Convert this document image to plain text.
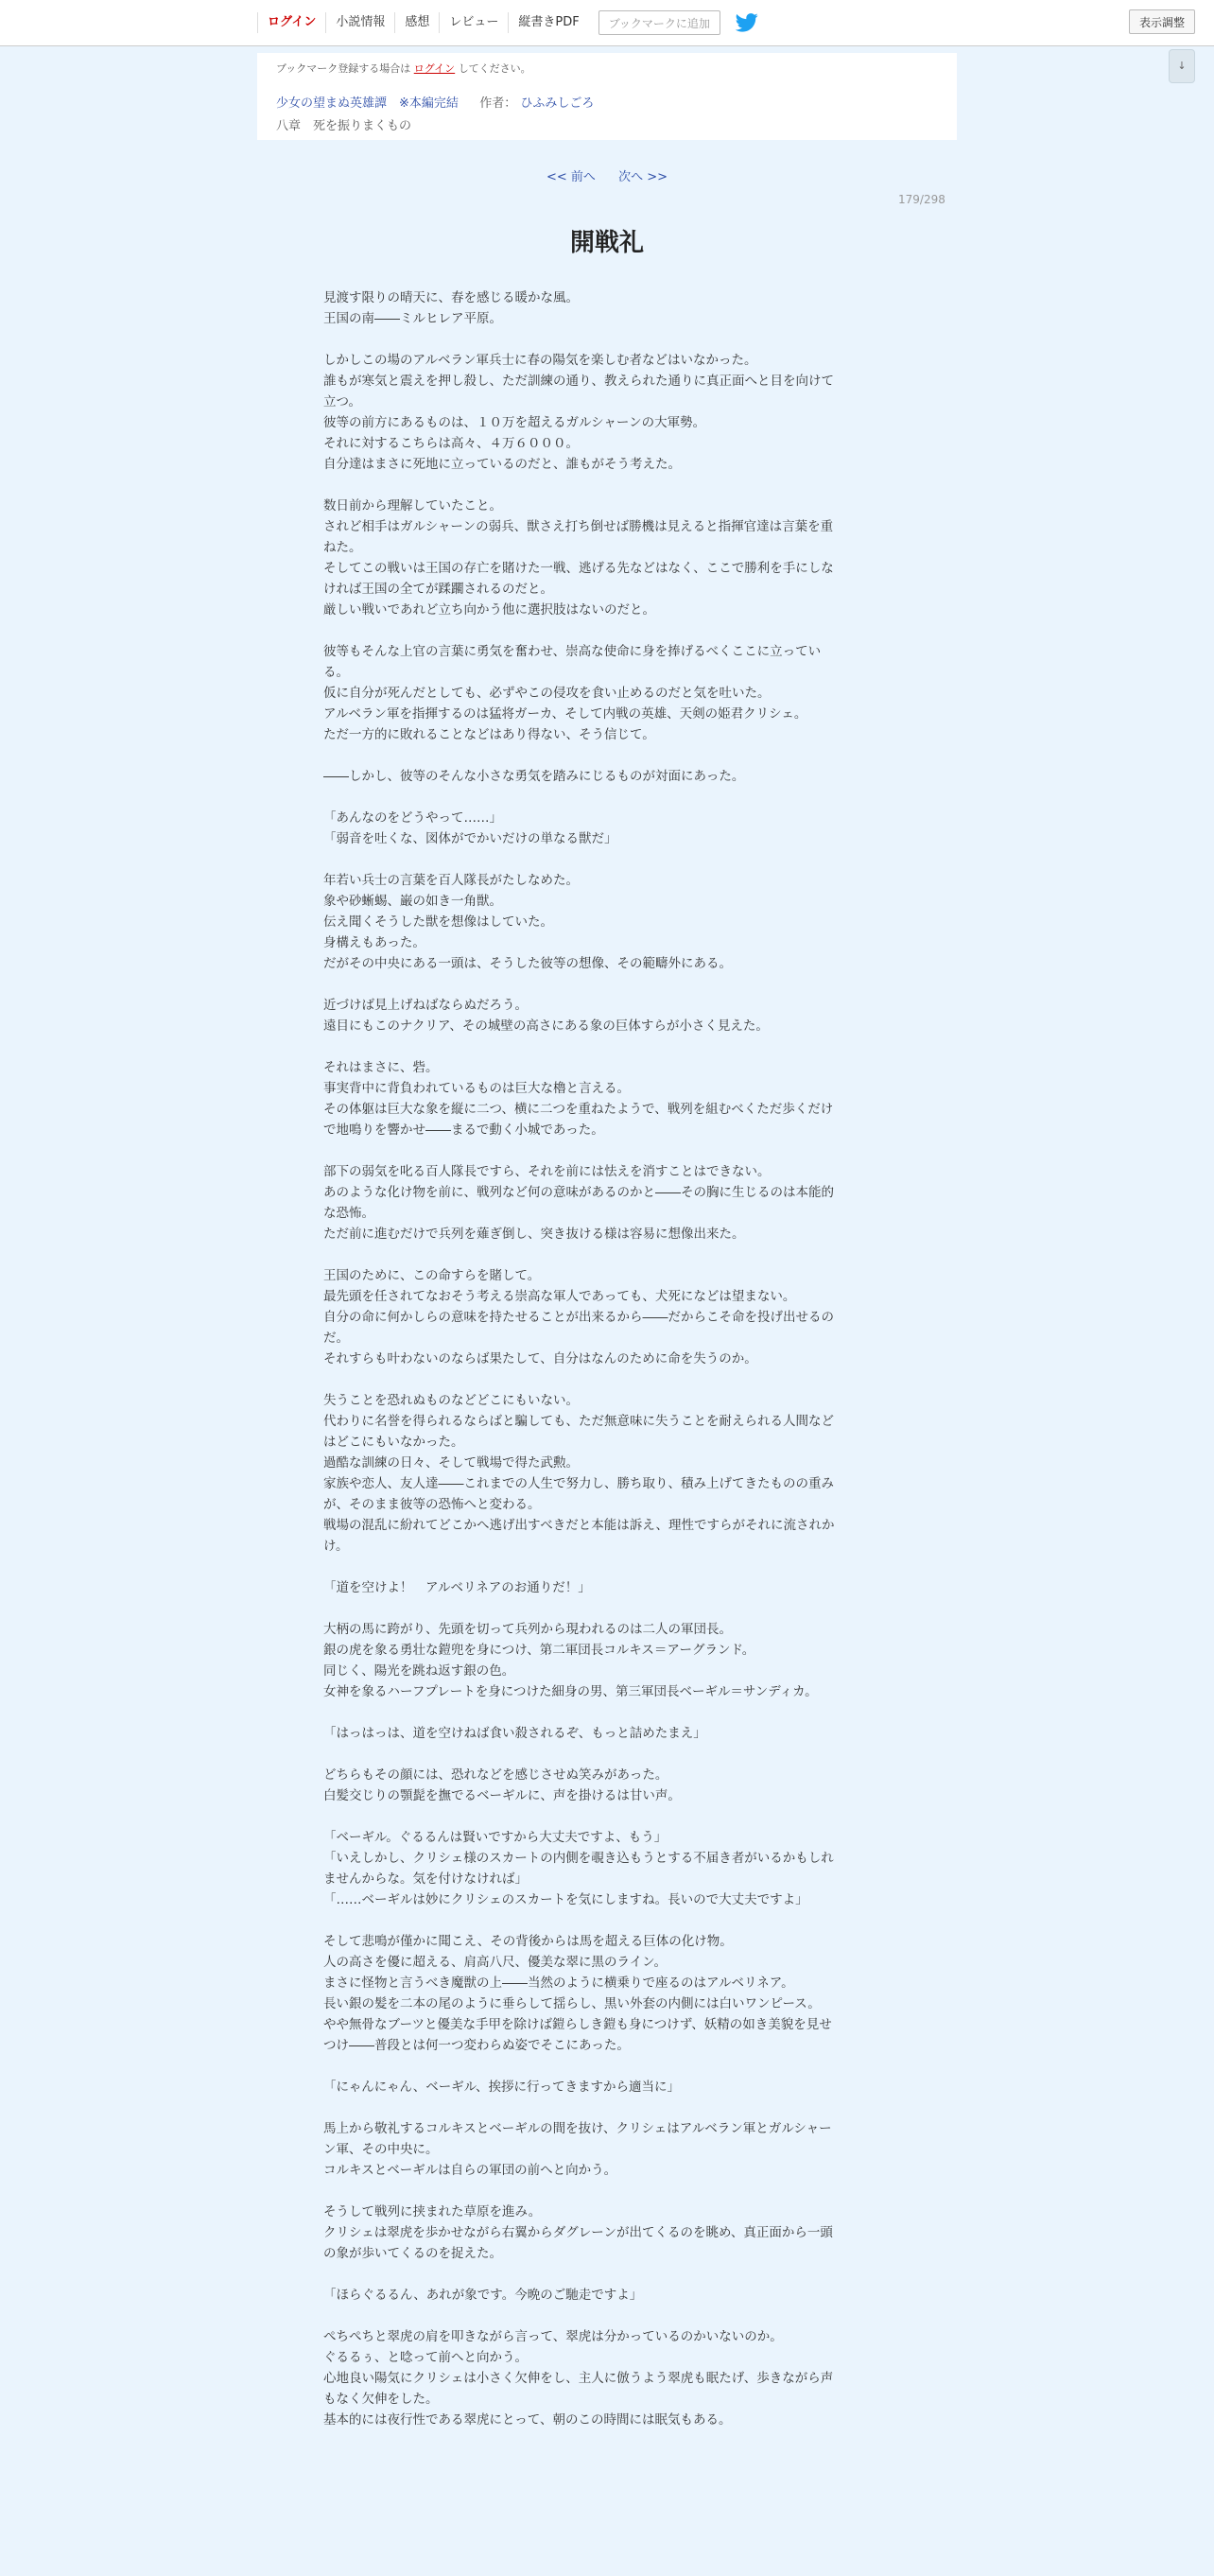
ログイン	小説情報	感想	レビュー	縦書きPDF	ブックマークに追加	表示調整
↓
ブックマーク登録する場合は ログイン してください。
少女の望まぬ英雄譚　※本編完結 作者： ひふみしごろ
八章　死を振りまくもの
<< 前へ 次へ >>
179/298
開戦礼

見渡す限りの晴天に、春を感じる暖かな風。

王国の南――ミルヒレア平原。

しかしこの場のアルベラン軍兵士に春の陽気を楽しむ者などはいなかった。

誰もが寒気と震えを押し殺し、ただ訓練の通り、教えられた通りに真正面へと目を向けて

立つ。

彼等の前方にあるものは、１０万を超えるガルシャーンの大軍勢。

それに対するこちらは高々、４万６０００。

自分達はまさに死地に立っているのだと、誰もがそう考えた。

数日前から理解していたこと。

されど相手はガルシャーンの弱兵、獣さえ打ち倒せば勝機は見えると指揮官達は言葉を重

ねた。

そしてこの戦いは王国の存亡を賭けた一戦、逃げる先などはなく、ここで勝利を手にしな

ければ王国の全てが蹂躙されるのだと。

厳しい戦いであれど立ち向かう他に選択肢はないのだと。

彼等もそんな上官の言葉に勇気を奮わせ、崇高な使命に身を捧げるべくここに立ってい

る。

仮に自分が死んだとしても、必ずやこの侵攻を食い止めるのだと気を吐いた。

アルベラン軍を指揮するのは猛将ガーカ、そして内戦の英雄、天剣の姫君クリシェ。

ただ一方的に敗れることなどはあり得ない、そう信じて。

――しかし、彼等のそんな小さな勇気を踏みにじるものが対面にあった。

「あんなのをどうやって……」

「弱音を吐くな、図体がでかいだけの単なる獣だ」

年若い兵士の言葉を百人隊長がたしなめた。

象や砂蜥蜴、巌の如き一角獣。

伝え聞くそうした獣を想像はしていた。

身構えもあった。

だがその中央にある一頭は、そうした彼等の想像、その範疇外にある。

近づけば見上げねばならぬだろう。

遠目にもこのナクリア、その城壁の高さにある象の巨体すらが小さく見えた。

それはまさに、砦。

事実背中に背負われているものは巨大な櫓と言える。

その体躯は巨大な象を縦に二つ、横に二つを重ねたようで、戦列を組むべくただ歩くだけ

で地鳴りを響かせ――まるで動く小城であった。

部下の弱気を叱る百人隊長ですら、それを前には怯えを消すことはできない。

あのような化け物を前に、戦列など何の意味があるのかと――その胸に生じるのは本能的

な恐怖。

ただ前に進むだけで兵列を薙ぎ倒し、突き抜ける様は容易に想像出来た。

王国のために、この命すらを賭して。

最先頭を任されてなおそう考える崇高な軍人であっても、犬死になどは望まない。

自分の命に何かしらの意味を持たせることが出来るから――だからこそ命を投げ出せるの

だ。

それすらも叶わないのならば果たして、自分はなんのために命を失うのか。

失うことを恐れぬものなどどこにもいない。

代わりに名誉を得られるならばと騙しても、ただ無意味に失うことを耐えられる人間など

はどこにもいなかった。

過酷な訓練の日々、そして戦場で得た武勲。

家族や恋人、友人達――これまでの人生で努力し、勝ち取り、積み上げてきたものの重み

が、そのまま彼等の恐怖へと変わる。

戦場の混乱に紛れてどこかへ逃げ出すべきだと本能は訴え、理性ですらがそれに流されか

け。

「道を空けよ！　アルベリネアのお通りだ！」

大柄の馬に跨がり、先頭を切って兵列から現われるのは二人の軍団長。

銀の虎を象る勇壮な鎧兜を身につけ、第二軍団長コルキス＝アーグランド。

同じく、陽光を跳ね返す銀の色。

女神を象るハーフプレートを身につけた細身の男、第三軍団長ベーギル＝サンディカ。

「はっはっは、道を空けねば食い殺されるぞ、もっと詰めたまえ」

どちらもその顔には、恐れなどを感じさせぬ笑みがあった。

白髪交じりの顎髭を撫でるベーギルに、声を掛けるは甘い声。

「ベーギル。ぐるるんは賢いですから大丈夫ですよ、もう」

「いえしかし、クリシェ様のスカートの内側を覗き込もうとする不届き者がいるかもしれ

ませんからな。気を付けなければ」

「……ベーギルは妙にクリシェのスカートを気にしますね。長いので大丈夫ですよ」

そして悲鳴が僅かに聞こえ、その背後からは馬を超える巨体の化け物。

人の高さを優に超える、肩高八尺、優美な翠に黒のライン。

まさに怪物と言うべき魔獣の上――当然のように横乗りで座るのはアルベリネア。

長い銀の髪を二本の尾のように垂らして揺らし、黒い外套の内側には白いワンピース。

やや無骨なブーツと優美な手甲を除けば鎧らしき鎧も身につけず、妖精の如き美貌を見せ

つけ――普段とは何一つ変わらぬ姿でそこにあった。

「にゃんにゃん、ベーギル、挨拶に行ってきますから適当に」

馬上から敬礼するコルキスとベーギルの間を抜け、クリシェはアルベラン軍とガルシャー

ン軍、その中央に。

コルキスとベーギルは自らの軍団の前へと向かう。

そうして戦列に挟まれた草原を進み。

クリシェは翠虎を歩かせながら右翼からダグレーンが出てくるのを眺め、真正面から一頭

の象が歩いてくるのを捉えた。

「ほらぐるるん、あれが象です。今晩のご馳走ですよ」

ぺちぺちと翠虎の肩を叩きながら言って、翠虎は分かっているのかいないのか。

ぐるるぅ、と唸って前へと向かう。

心地良い陽気にクリシェは小さく欠伸をし、主人に倣うよう翠虎も眠たげ、歩きながら声

もなく欠伸をした。

基本的には夜行性である翠虎にとって、朝のこの時間には眠気もある。
